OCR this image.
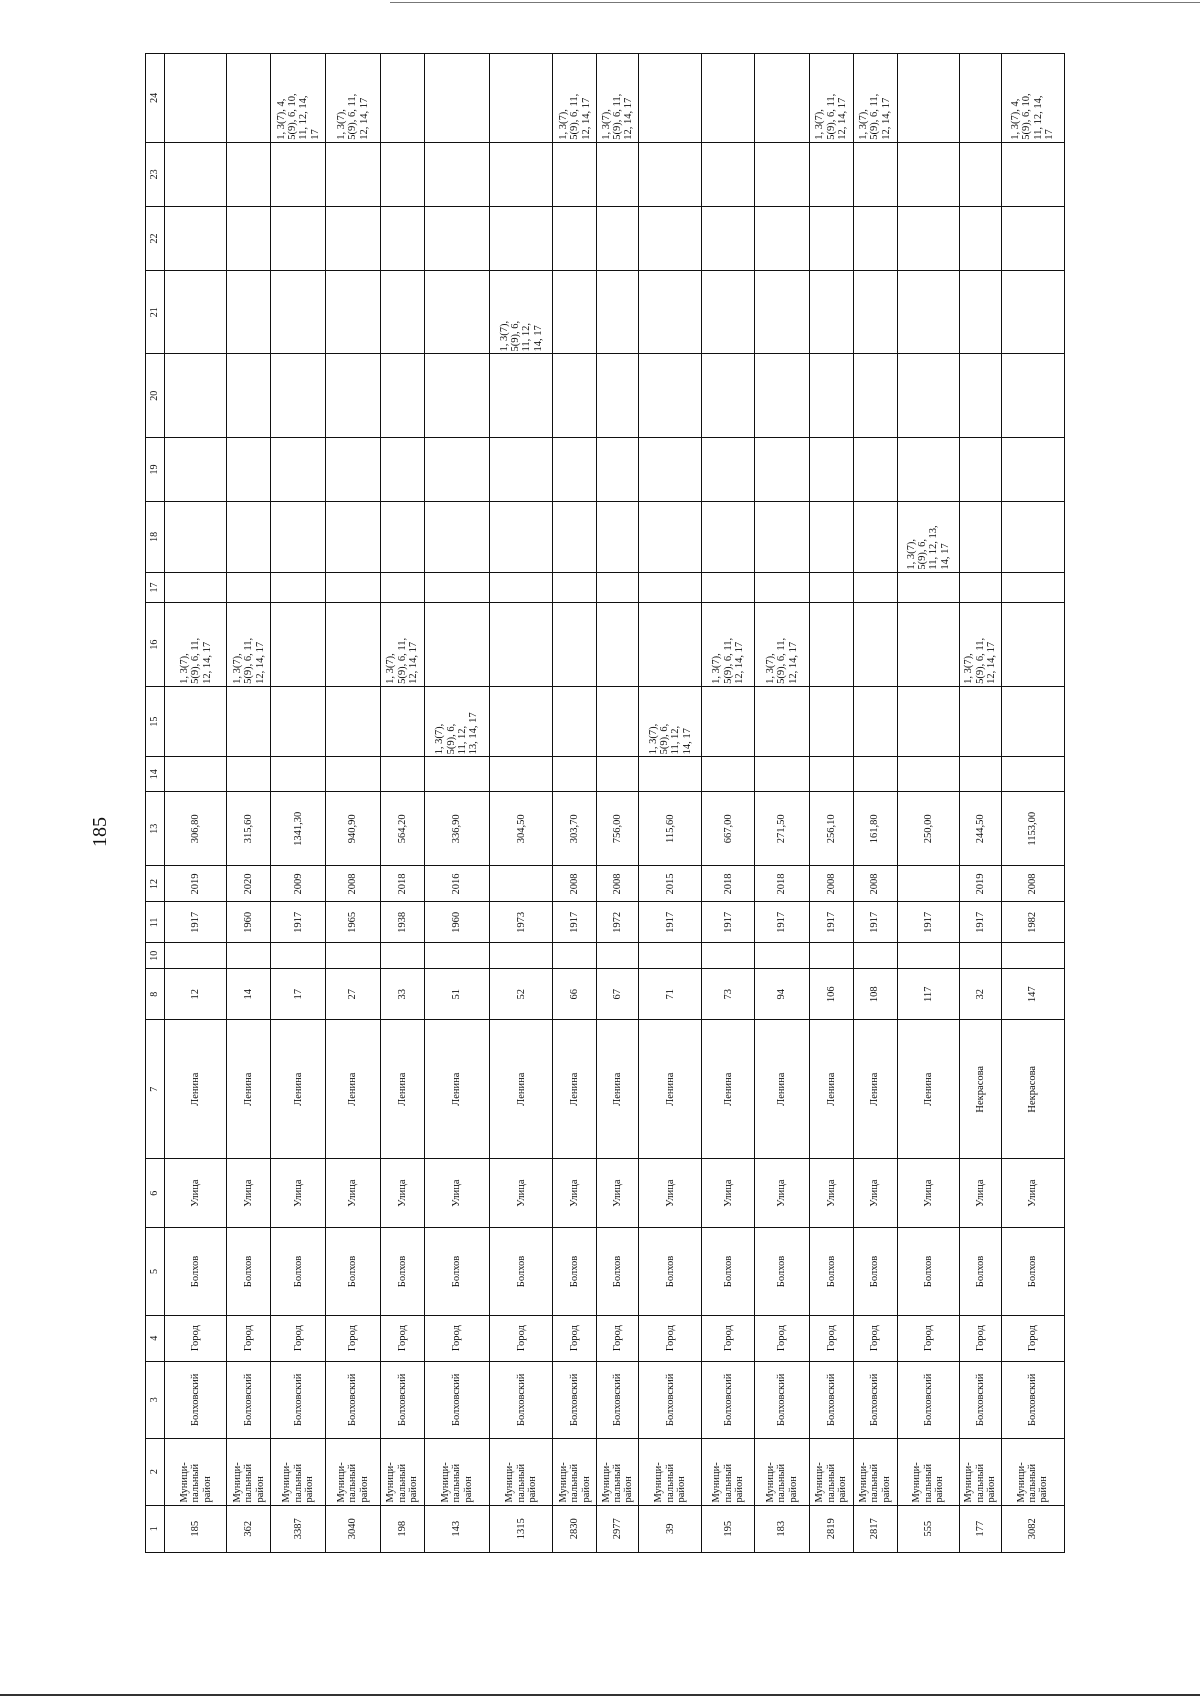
185
1	2	3	4	5	6	7	8	10	11	12	13	14	15	16	17	18	19	20	21	22	23	24
185	Муници-
пальный
район	Болховский	Город	Болхов	Улица	Ленина	12		1917	2019	306,80			1, 3(7),
5(9), 6, 11,
12, 14, 17								
362	Муници-
пальный
район	Болховский	Город	Болхов	Улица	Ленина	14		1960	2020	315,60			1, 3(7),
5(9), 6, 11,
12, 14, 17								
3387	Муници-
пальный
район	Болховский	Город	Болхов	Улица	Ленина	17		1917	2009	1341,30											1, 3(7), 4,
5(9), 6, 10,
11, 12, 14,
17
3040	Муници-
пальный
район	Болховский	Город	Болхов	Улица	Ленина	27		1965	2008	940,90											1, 3(7),
5(9), 6, 11,
12, 14, 17
198	Муници-
пальный
район	Болховский	Город	Болхов	Улица	Ленина	33		1938	2018	564,20			1, 3(7),
5(9), 6, 11,
12, 14, 17								
143	Муници-
пальный
район	Болховский	Город	Болхов	Улица	Ленина	51		1960	2016	336,90		1, 3(7),
5(9), 6,
11, 12,
13, 14, 17									
1315	Муници-
пальный
район	Болховский	Город	Болхов	Улица	Ленина	52		1973		304,50								1, 3(7),
5(9), 6,
11, 12,
14, 17			
2830	Муници-
пальный
район	Болховский	Город	Болхов	Улица	Ленина	66		1917	2008	303,70											1, 3(7),
5(9), 6, 11,
12, 14, 17
2977	Муници-
пальный
район	Болховский	Город	Болхов	Улица	Ленина	67		1972	2008	756,00											1, 3(7),
5(9), 6, 11,
12, 14, 17
39	Муници-
пальный
район	Болховский	Город	Болхов	Улица	Ленина	71		1917	2015	115,60		1, 3(7),
5(9), 6,
11, 12,
14, 17									
195	Муници-
пальный
район	Болховский	Город	Болхов	Улица	Ленина	73		1917	2018	667,00			1, 3(7),
5(9), 6, 11,
12, 14, 17								
183	Муници-
пальный
район	Болховский	Город	Болхов	Улица	Ленина	94		1917	2018	271,50			1, 3(7),
5(9), 6, 11,
12, 14, 17								
2819	Муници-
пальный
район	Болховский	Город	Болхов	Улица	Ленина	106		1917	2008	256,10											1, 3(7),
5(9), 6, 11,
12, 14, 17
2817	Муници-
пальный
район	Болховский	Город	Болхов	Улица	Ленина	108		1917	2008	161,80											1, 3(7),
5(9), 6, 11,
12, 14, 17
555	Муници-
пальный
район	Болховский	Город	Болхов	Улица	Ленина	117		1917		250,00					1, 3(7),
5(9), 6,
11, 12, 13,
14, 17						
177	Муници-
пальный
район	Болховский	Город	Болхов	Улица	Некрасова	32		1917	2019	244,50			1, 3(7),
5(9), 6, 11,
12, 14, 17								
3082	Муници-
пальный
район	Болховский	Город	Болхов	Улица	Некрасова	147		1982	2008	1153,00											1, 3(7), 4,
5(9), 6, 10,
11, 12, 14,
17
